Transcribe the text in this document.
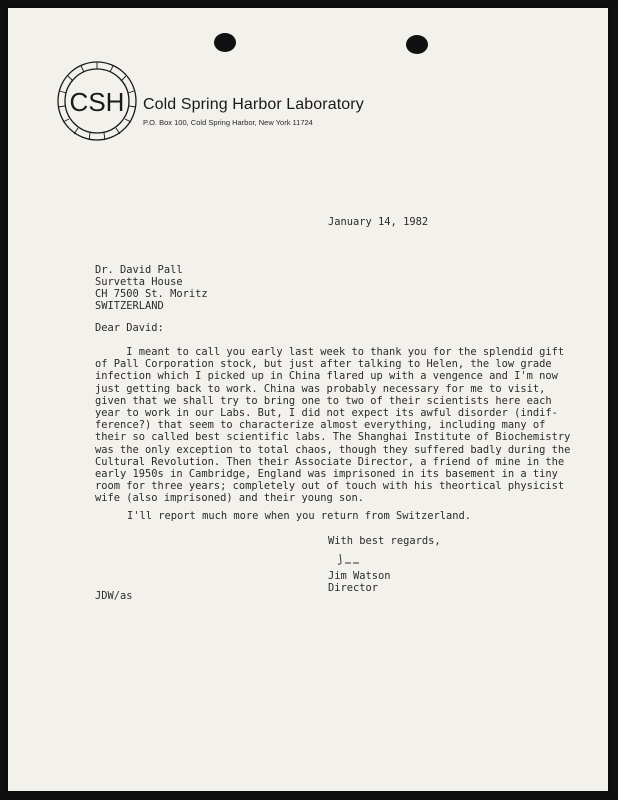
CSH Cold Spring Harbor Laboratory
P.O. Box 100, Cold Spring Harbor, New York 11724
January 14, 1982
Dr. David Pall
Survetta House
CH 7500 St. Moritz
SWITZERLAND
Dear David:
I meant to call you early last week to thank you for the splendid gift
of Pall Corporation stock, but just after talking to Helen, the low grade
infection which I picked up in China flared up with a vengence and I'm now
just getting back to work. China was probably necessary for me to visit,
given that we shall try to bring one to two of their scientists here each
year to work in our Labs. But, I did not expect its awful disorder (indif-
ference?) that seem to characterize almost everything, including many of
their so called best scientific labs. The Shanghai Institute of Biochemistry
was the only exception to total chaos, though they suffered badly during the
Cultural Revolution. Then their Associate Director, a friend of mine in the
early 1950s in Cambridge, England was imprisoned in its basement in a tiny
room for three years; completely out of touch with his theortical physicist
wife (also imprisoned) and their young son.
I'll report much more when you return from Switzerland.
With best regards,
Jim Watson
Director
JDW/as
